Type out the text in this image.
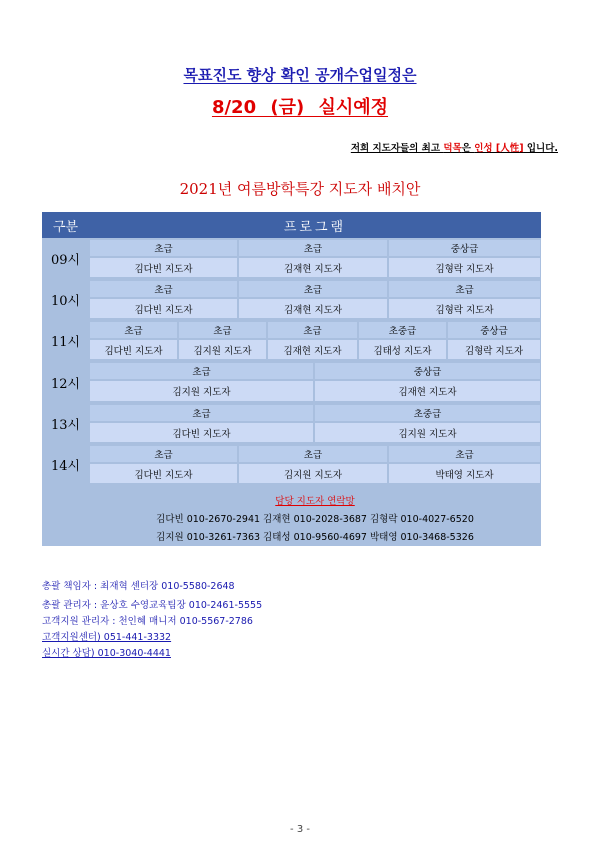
목표진도 향상 확인 공개수업일정은
8/20 (금) 실시예정
저희 지도자들의 최고 덕목은 인성 [人性] 입니다.
2021년 여름방학특강 지도자 배치안
구분	프로그램
09시
초급	초급	중상급
김다빈 지도자	김재현 지도자	김형락 지도자
10시
초급	초급	초급
김다빈 지도자	김재현 지도자	김형락 지도자
11시
초급	초급	초급	초중급	중상급
김다빈 지도자	김지원 지도자	김재현 지도자	김태성 지도자	김형락 지도자
12시
초급	중상급
김지원 지도자	김재현 지도자
13시
초급	초중급
김다빈 지도자	김지원 지도자
14시
초급	초급	초급
김다빈 지도자	김지원 지도자	박태영 지도자
담당 지도자 연락망
김다빈 010-2670-2941 김재현 010-2028-3687 김형락 010-4027-6520
김지원 010-3261-7363 김태성 010-9560-4697 박태영 010-3468-5326
총괄 책임자 : 최재혁 센터장 010-5580-2648
총괄 관리자 : 윤상호 수영교육팀장 010-2461-5555
고객지원 관리자 : 천인혜 매니저 010-5567-2786
고객지원센터) 051-441-3332
실시간 상담) 010-3040-4441
- 3 -
